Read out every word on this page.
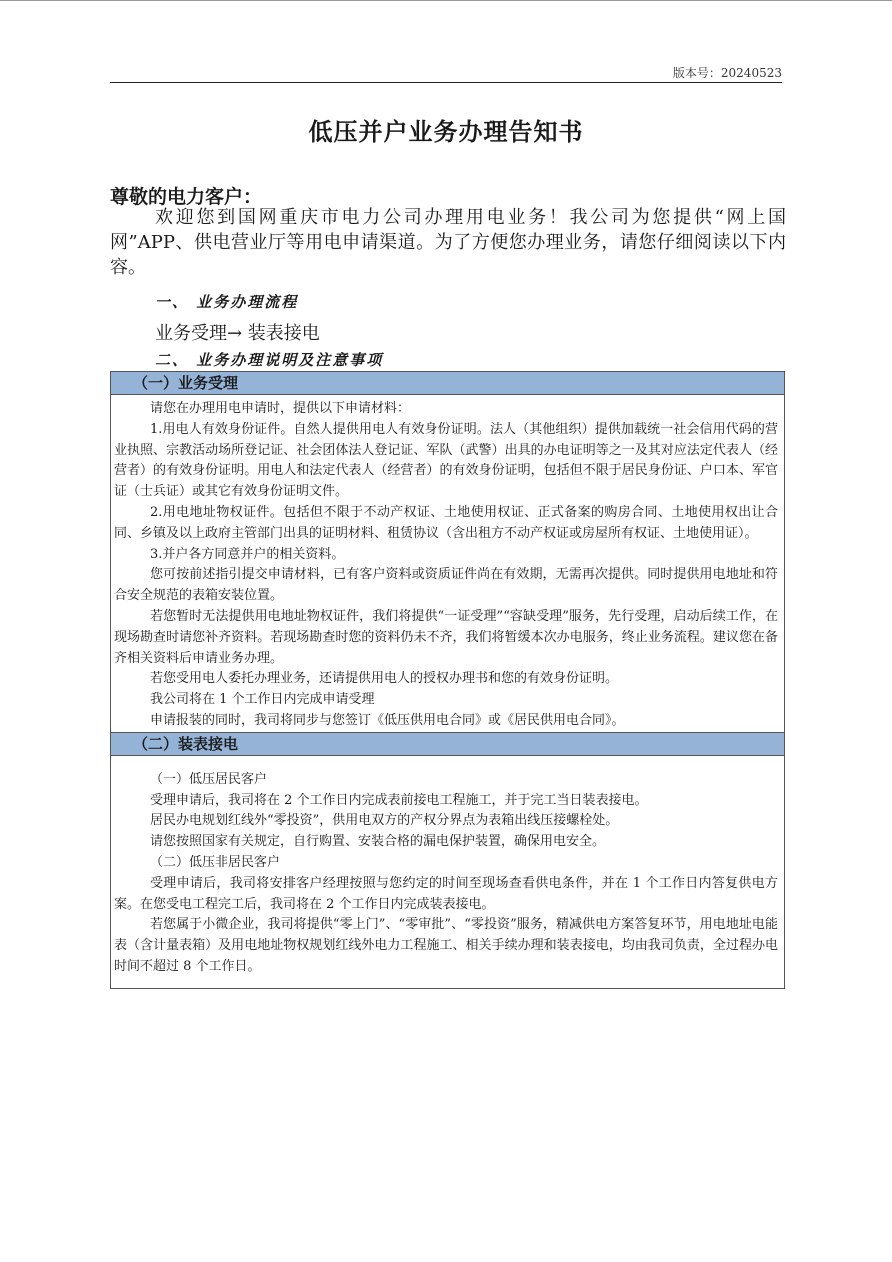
版本号：20240523
低压并户业务办理告知书
尊敬的电力客户：

欢迎您到国网重庆市电力公司办理用电业务！我公司为您提供“网上国网”APP、供电营业厅等用电申请渠道。为了方便您办理业务，请您仔细阅读以下内容。

一、 业务办理流程
业务受理→ 装表接电
二、 业务办理说明及注意事项
（一）业务受理

请您在办理用电申请时，提供以下申请材料：

1.用电人有效身份证件。自然人提供用电人有效身份证明。法人（其他组织）提供加载统一社会信用代码的营业执照、宗教活动场所登记证、社会团体法人登记证、军队（武警）出具的办电证明等之一及其对应法定代表人（经营者）的有效身份证明。用电人和法定代表人（经营者）的有效身份证明，包括但不限于居民身份证、户口本、军官证（士兵证）或其它有效身份证明文件。

2.用电地址物权证件。包括但不限于不动产权证、土地使用权证、正式备案的购房合同、土地使用权出让合同、乡镇及以上政府主管部门出具的证明材料、租赁协议（含出租方不动产权证或房屋所有权证、土地使用证）。

3.并户各方同意并户的相关资料。

您可按前述指引提交申请材料，已有客户资料或资质证件尚在有效期，无需再次提供。同时提供用电地址和符合安全规范的表箱安装位置。

若您暂时无法提供用电地址物权证件，我们将提供“一证受理”“容缺受理”服务，先行受理，启动后续工作，在现场勘查时请您补齐资料。若现场勘查时您的资料仍未不齐，我们将暂缓本次办电服务，终止业务流程。建议您在备齐相关资料后申请业务办理。

若您受用电人委托办理业务，还请提供用电人的授权办理书和您的有效身份证明。

我公司将在 1 个工作日内完成申请受理

申请报装的同时，我司将同步与您签订《低压供用电合同》或《居民供用电合同》。

（二）装表接电

（一）低压居民客户

受理申请后，我司将在 2 个工作日内完成表前接电工程施工，并于完工当日装表接电。

居民办电规划红线外“零投资”，供用电双方的产权分界点为表箱出线压接螺栓处。

请您按照国家有关规定，自行购置、安装合格的漏电保护装置，确保用电安全。

（二）低压非居民客户

受理申请后，我司将安排客户经理按照与您约定的时间至现场查看供电条件，并在 1 个工作日内答复供电方案。在您受电工程完工后，我司将在 2 个工作日内完成装表接电。

若您属于小微企业，我司将提供“零上门”、“零审批”、“零投资”服务，精减供电方案答复环节，用电地址电能表（含计量表箱）及用电地址物权规划红线外电力工程施工、相关手续办理和装表接电，均由我司负责，全过程办电时间不超过 8 个工作日。
